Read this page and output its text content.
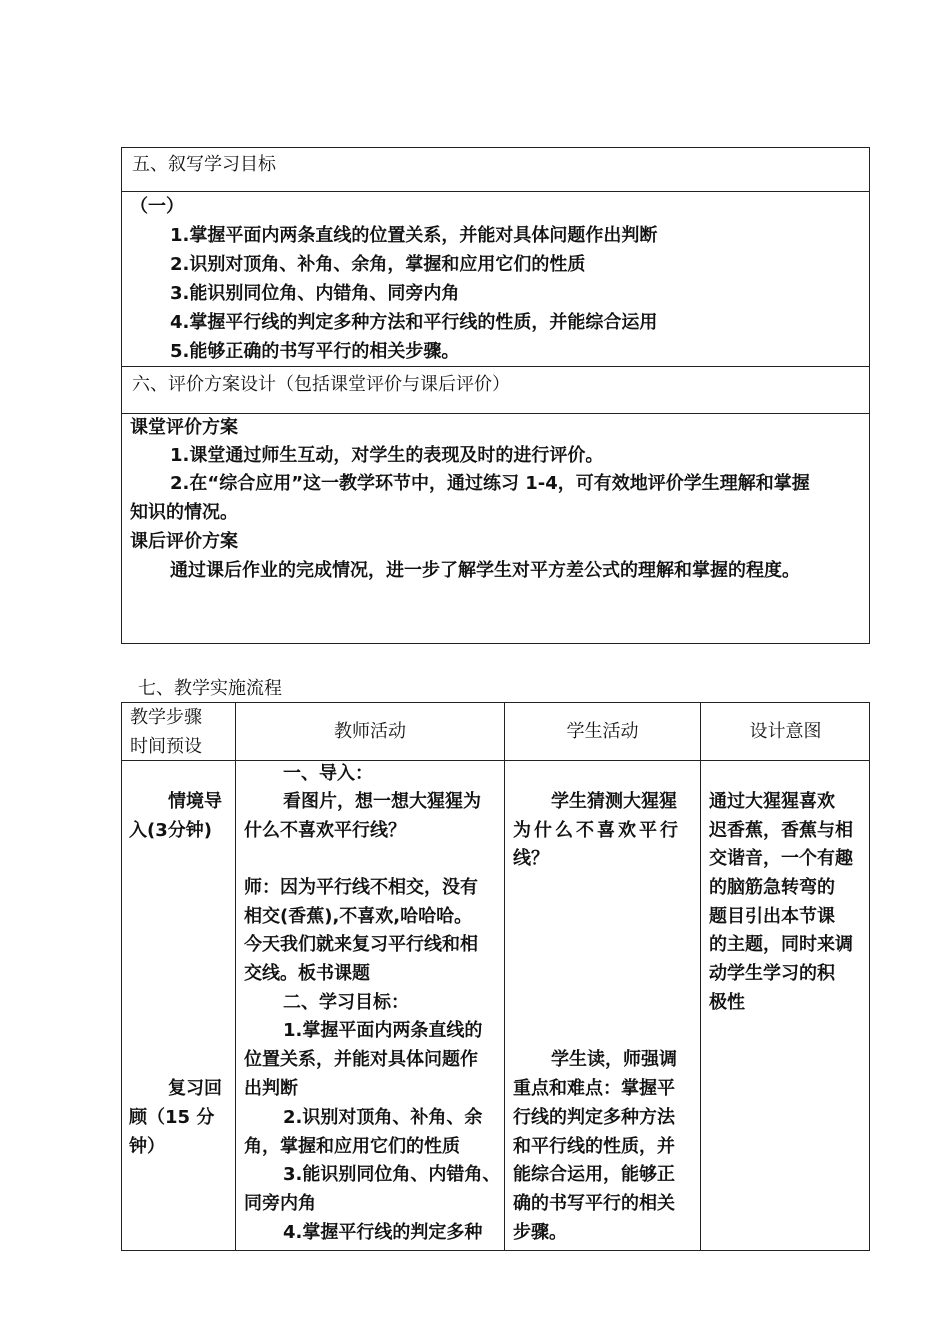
五、叙写学习目标
（一）
1.掌握平面内两条直线的位置关系，并能对具体问题作出判断
2.识别对顶角、补角、余角，掌握和应用它们的性质
3.能识别同位角、内错角、同旁内角
4.掌握平行线的判定多种方法和平行线的性质，并能综合运用
5.能够正确的书写平行的相关步骤。
六、评价方案设计（包括课堂评价与课后评价）
课堂评价方案
1.课堂通过师生互动，对学生的表现及时的进行评价。
2.在“综合应用”这一教学环节中，通过练习 1-4，可有效地评价学生理解和掌握
知识的情况。
课后评价方案
通过课后作业的完成情况，进一步了解学生对平方差公式的理解和掌握的程度。
七、教学实施流程
教学步骤
时间预设
教师活动	学生活动	设计意图
情境导
入(3分钟)
复习回
顾（15 分
钟）
一、导入：
看图片，想一想大猩猩为
什么不喜欢平行线？
师：因为平行线不相交，没有
相交(香蕉),不喜欢,哈哈哈。
今天我们就来复习平行线和相
交线。板书课题
二、学习目标：
1.掌握平面内两条直线的
位置关系，并能对具体问题作
出判断
2.识别对顶角、补角、余
角，掌握和应用它们的性质
3.能识别同位角、内错角、
同旁内角
4.掌握平行线的判定多种
学生猜测大猩猩
为什么不喜欢平行
线？
学生读，师强调
重点和难点：掌握平
行线的判定多种方法
和平行线的性质，并
能综合运用，能够正
确的书写平行的相关
步骤。
通过大猩猩喜欢
迟香蕉，香蕉与相
交谐音，一个有趣
的脑筋急转弯的
题目引出本节课
的主题，同时来调
动学生学习的积
极性
